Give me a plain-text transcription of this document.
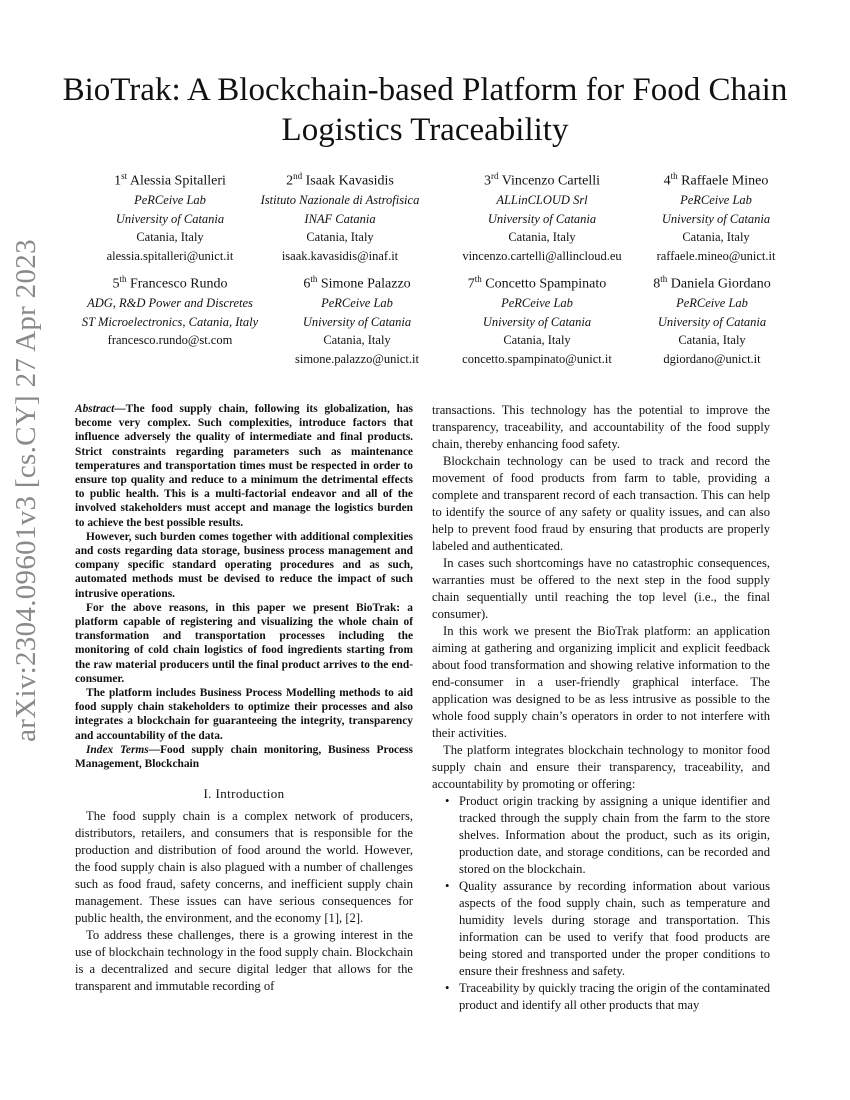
arXiv:2304.09601v3 [cs.CY] 27 Apr 2023
BioTrak: A Blockchain-based Platform for Food Chain Logistics Traceability
1st Alessia Spitalleri
PeRCeive Lab
University of Catania
Catania, Italy
alessia.spitalleri@unict.it
2nd Isaak Kavasidis
Istituto Nazionale di Astrofisica
INAF Catania
Catania, Italy
isaak.kavasidis@inaf.it
3rd Vincenzo Cartelli
ALLinCLOUD Srl
University of Catania
Catania, Italy
vincenzo.cartelli@allincloud.eu
4th Raffaele Mineo
PeRCeive Lab
University of Catania
Catania, Italy
raffaele.mineo@unict.it
5th Francesco Rundo
ADG, R&D Power and Discretes
ST Microelectronics, Catania, Italy
francesco.rundo@st.com
6th Simone Palazzo
PeRCeive Lab
University of Catania
Catania, Italy
simone.palazzo@unict.it
7th Concetto Spampinato
PeRCeive Lab
University of Catania
Catania, Italy
concetto.spampinato@unict.it
8th Daniela Giordano
PeRCeive Lab
University of Catania
Catania, Italy
dgiordano@unict.it

Abstract—The food supply chain, following its globalization, has become very complex. Such complexities, introduce factors that influence adversely the quality of intermediate and final products. Strict constraints regarding parameters such as maintenance temperatures and transportation times must be respected in order to ensure top quality and reduce to a minimum the detrimental effects to public health. This is a multi-factorial endeavor and all of the involved stakeholders must accept and manage the logistics burden to achieve the best possible results.

However, such burden comes together with additional complexities and costs regarding data storage, business process management and company specific standard operating procedures and as such, automated methods must be devised to reduce the impact of such intrusive operations.

For the above reasons, in this paper we present BioTrak: a platform capable of registering and visualizing the whole chain of transformation and transportation processes including the monitoring of cold chain logistics of food ingredients starting from the raw material producers until the final product arrives to the end-consumer.

The platform includes Business Process Modelling methods to aid food supply chain stakeholders to optimize their processes and also integrates a blockchain for guaranteeing the integrity, transparency and accountability of the data.

Index Terms—Food supply chain monitoring, Business Process Management, Blockchain

I. Introduction

The food supply chain is a complex network of producers, distributors, retailers, and consumers that is responsible for the production and distribution of food around the world. However, the food supply chain is also plagued with a number of challenges such as food fraud, safety concerns, and inefficient supply chain management. These issues can have serious consequences for public health, the environment, and the economy [1], [2].

To address these challenges, there is a growing interest in the use of blockchain technology in the food supply chain. Blockchain is a decentralized and secure digital ledger that allows for the transparent and immutable recording of

transactions. This technology has the potential to improve the transparency, traceability, and accountability of the food supply chain, thereby enhancing food safety.

Blockchain technology can be used to track and record the movement of food products from farm to table, providing a complete and transparent record of each transaction. This can help to identify the source of any safety or quality issues, and can also help to prevent food fraud by ensuring that products are properly labeled and authenticated.

In cases such shortcomings have no catastrophic consequences, warranties must be offered to the next step in the food supply chain sequentially until reaching the top level (i.e., the final consumer).

In this work we present the BioTrak platform: an application aiming at gathering and organizing implicit and explicit feedback about food transformation and showing relative information to the end-consumer in a user-friendly graphical interface. The application was designed to be as less intrusive as possible to the whole food supply chain’s operators in order to not interfere with their activities.

The platform integrates blockchain technology to monitor food supply chain and ensure their transparency, traceability, and accountability by promoting or offering:

• Product origin tracking by assigning a unique identifier and tracked through the supply chain from the farm to the store shelves. Information about the product, such as its origin, production date, and storage conditions, can be recorded and stored on the blockchain.
• Quality assurance by recording information about various aspects of the food supply chain, such as temperature and humidity levels during storage and transportation. This information can be used to verify that food products are being stored and transported under the proper conditions to ensure their freshness and safety.
• Traceability by quickly tracing the origin of the contaminated product and identify all other products that may
